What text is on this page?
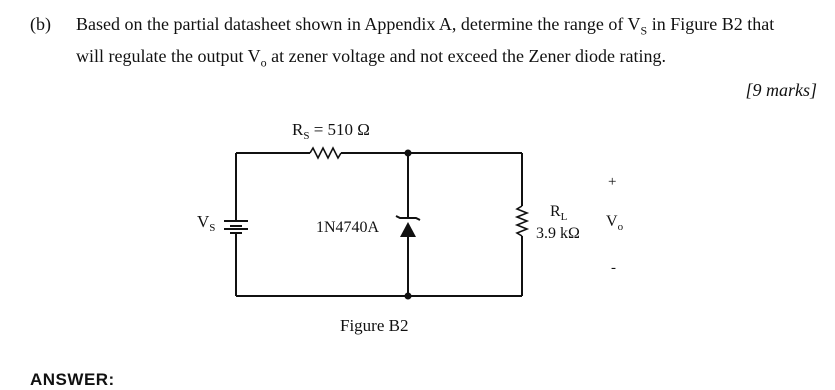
(b) Based on the partial datasheet shown in Appendix A, determine the range of $V_S$ in Figure B2 that
will regulate the output $V_o$ at zener voltage and not exceed the Zener diode rating.
[9 marks]
$R_S = 510$ Ω
$V_S$	1N4740A
$R_L$
3.9 kΩ
+
$V_o$
-
Figure B2
ANSWER:
